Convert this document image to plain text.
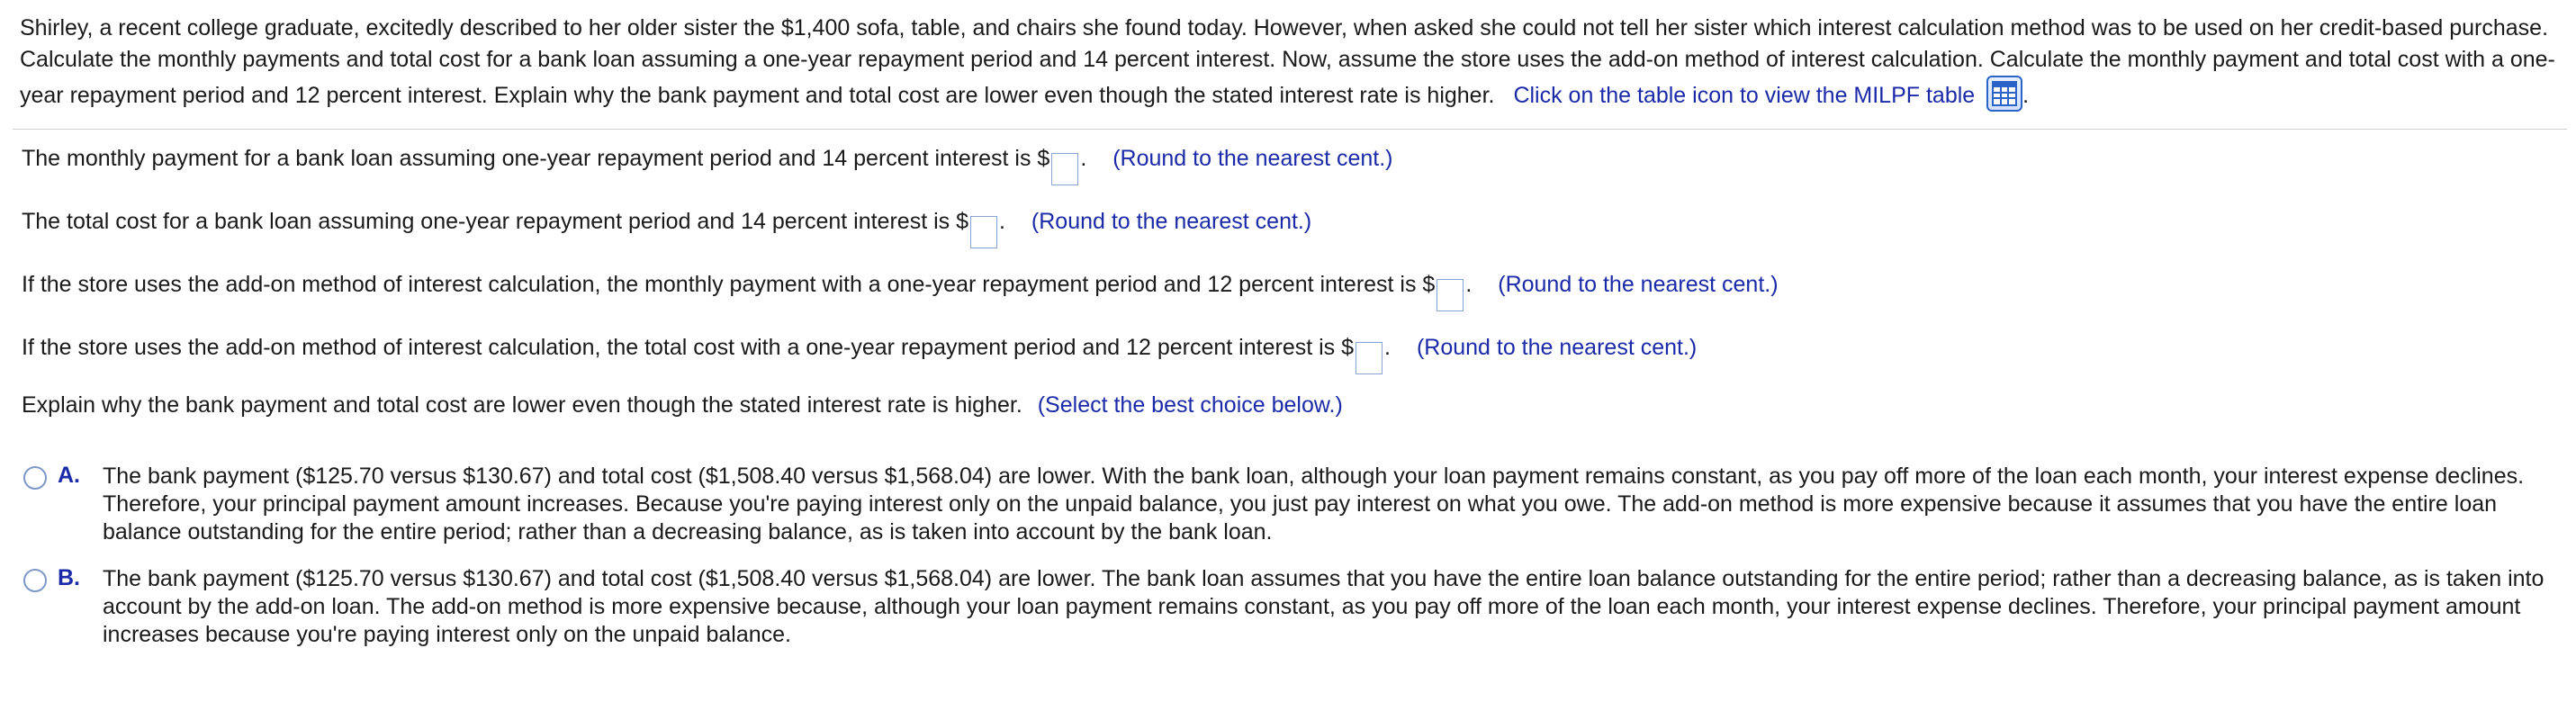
Shirley, a recent college graduate, excitedly described to her older sister the $1,400 sofa, table, and chairs she found today. However, when asked she could not tell her sister which interest calculation method was to be used on her credit-based purchase. Calculate the monthly payments and total cost for a bank loan assuming a one-year repayment period and 14 percent interest. Now, assume the store uses the add-on method of interest calculation. Calculate the monthly payment and total cost with a one-year repayment period and 12 percent interest. Explain why the bank payment and total cost are lower even though the stated interest rate is higher. Click on the table icon to view the MILPF table .
The monthly payment for a bank loan assuming one-year repayment period and 14 percent interest is $ . (Round to the nearest cent.)
The total cost for a bank loan assuming one-year repayment period and 14 percent interest is $ . (Round to the nearest cent.)
If the store uses the add-on method of interest calculation, the monthly payment with a one-year repayment period and 12 percent interest is $ . (Round to the nearest cent.)
If the store uses the add-on method of interest calculation, the total cost with a one-year repayment period and 12 percent interest is $ . (Round to the nearest cent.)
Explain why the bank payment and total cost are lower even though the stated interest rate is higher. (Select the best choice below.)
A. The bank payment ($125.70 versus $130.67) and total cost ($1,508.40 versus $1,568.04) are lower. With the bank loan, although your loan payment remains constant, as you pay off more of the loan each month, your interest expense declines. Therefore, your principal payment amount increases. Because you're paying interest only on the unpaid balance, you just pay interest on what you owe. The add-on method is more expensive because it assumes that you have the entire loan balance outstanding for the entire period; rather than a decreasing balance, as is taken into account by the bank loan.
B. The bank payment ($125.70 versus $130.67) and total cost ($1,508.40 versus $1,568.04) are lower. The bank loan assumes that you have the entire loan balance outstanding for the entire period; rather than a decreasing balance, as is taken into account by the add-on loan. The add-on method is more expensive because, although your loan payment remains constant, as you pay off more of the loan each month, your interest expense declines. Therefore, your principal payment amount increases because you're paying interest only on the unpaid balance.
